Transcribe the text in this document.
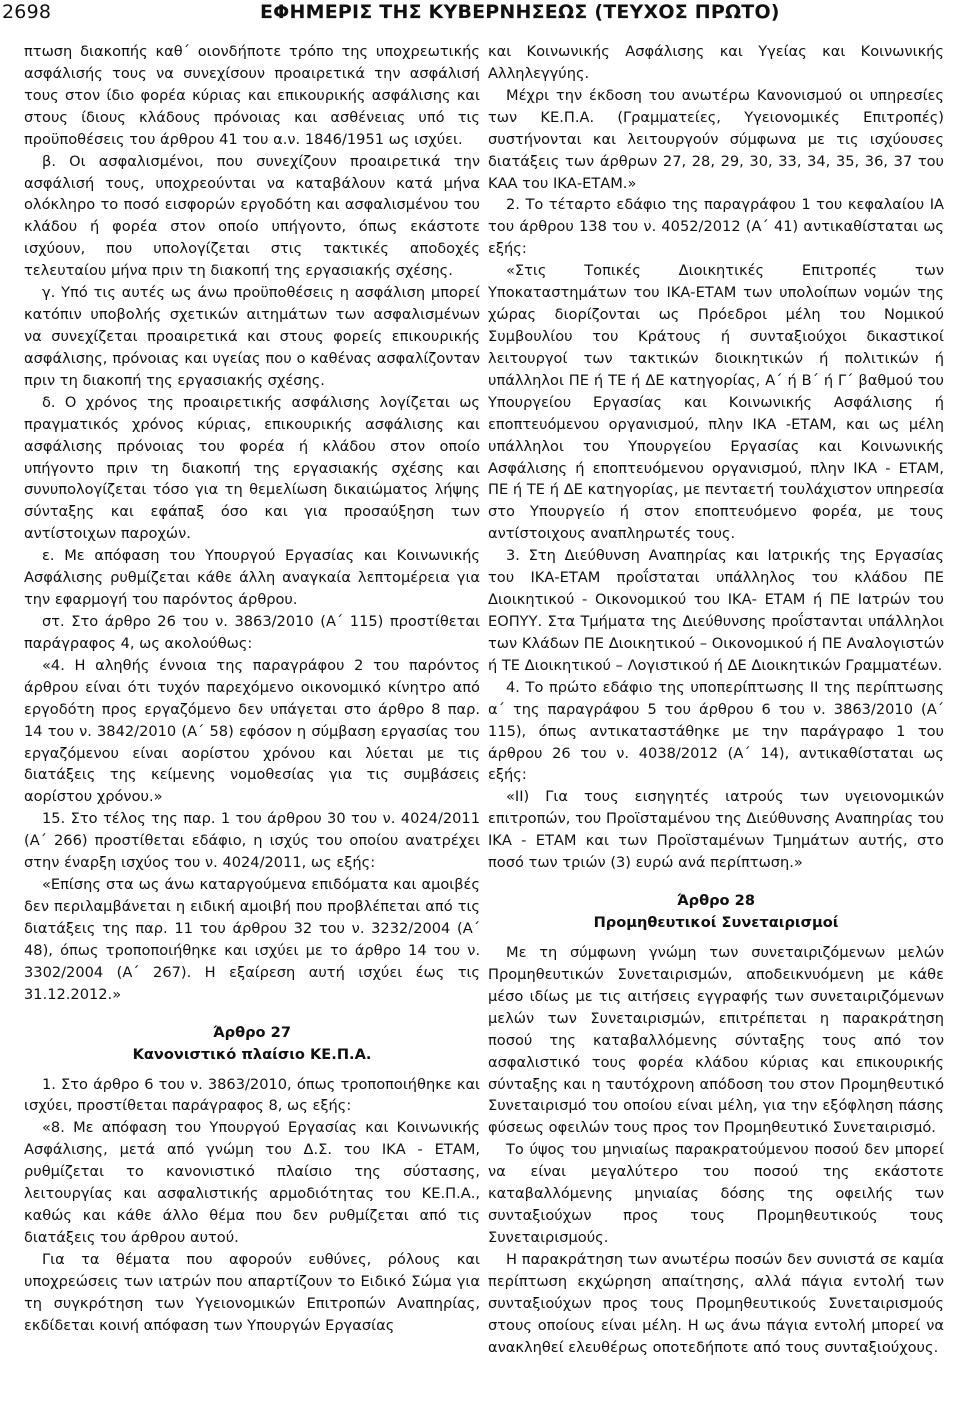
2698	ΕΦΗΜΕΡΙΣ ΤΗΣ ΚΥΒΕΡΝΗΣΕΩΣ (ΤΕΥΧΟΣ ΠΡΩΤΟ)

πτωση διακοπής καθ΄ οιονδήποτε τρόπο της υποχρεωτικής ασφάλισής τους να συνεχίσουν προαιρετικά την ασφάλισή τους στον ίδιο φορέα κύριας και επικουρικής ασφάλισης και στους ίδιους κλάδους πρόνοιας και ασθένειας υπό τις προϋποθέσεις του άρθρου 41 του α.ν. 1846/1951 ως ισχύει.

β. Οι ασφαλισμένοι, που συνεχίζουν προαιρετικά την ασφάλισή τους, υποχρεούνται να καταβάλουν κατά μήνα ολόκληρο το ποσό εισφορών εργοδότη και ασφαλισμένου του κλάδου ή φορέα στον οποίο υπήγοντο, όπως εκάστοτε ισχύουν, που υπολογίζεται στις τακτικές αποδοχές τελευταίου μήνα πριν τη διακοπή της εργασιακής σχέσης.

γ. Υπό τις αυτές ως άνω προϋποθέσεις η ασφάλιση μπορεί κατόπιν υποβολής σχετικών αιτημάτων των ασφαλισμένων να συνεχίζεται προαιρετικά και στους φορείς επικουρικής ασφάλισης, πρόνοιας και υγείας που ο καθένας ασφαλίζονταν πριν τη διακοπή της εργασιακής σχέσης.

δ. Ο χρόνος της προαιρετικής ασφάλισης λογίζεται ως πραγματικός χρόνος κύριας, επικουρικής ασφάλισης και ασφάλισης πρόνοιας του φορέα ή κλάδου στον οποίο υπήγοντο πριν τη διακοπή της εργασιακής σχέσης και συνυπολογίζεται τόσο για τη θεμελίωση δικαιώματος λήψης σύνταξης και εφάπαξ όσο και για προσαύξηση των αντίστοιχων παροχών.

ε. Με απόφαση του Υπουργού Εργασίας και Κοινωνικής Ασφάλισης ρυθμίζεται κάθε άλλη αναγκαία λεπτομέρεια για την εφαρμογή του παρόντος άρθρου.

στ. Στο άρθρο 26 του ν. 3863/2010 (Α΄ 115) προστίθεται παράγραφος 4, ως ακολούθως:

«4. Η αληθής έννοια της παραγράφου 2 του παρόντος άρθρου είναι ότι τυχόν παρεχόμενο οικονομικό κίνητρο από εργοδότη προς εργαζόμενο δεν υπάγεται στο άρθρο 8 παρ. 14 του ν. 3842/2010 (Α΄ 58) εφόσον η σύμβαση εργασίας του εργαζόμενου είναι αορίστου χρόνου και λύεται με τις διατάξεις της κείμενης νομοθεσίας για τις συμβάσεις αορίστου χρόνου.»

15. Στο τέλος της παρ. 1 του άρθρου 30 του ν. 4024/2011 (Α΄ 266) προστίθεται εδάφιο, η ισχύς του οποίου ανατρέχει στην έναρξη ισχύος του ν. 4024/2011, ως εξής:

«Επίσης στα ως άνω καταργούμενα επιδόματα και αμοιβές δεν περιλαμβάνεται η ειδική αμοιβή που προβλέπεται από τις διατάξεις της παρ. 11 του άρθρου 32 του ν. 3232/2004 (Α΄ 48), όπως τροποποιήθηκε και ισχύει με το άρθρο 14 του ν. 3302/2004 (Α΄ 267). Η εξαίρεση αυτή ισχύει έως τις 31.12.2012.»

Άρθρο 27
Κανονιστικό πλαίσιο ΚΕ.Π.Α.

1. Στο άρθρο 6 του ν. 3863/2010, όπως τροποποιήθηκε και ισχύει, προστίθεται παράγραφος 8, ως εξής:

«8. Με απόφαση του Υπουργού Εργασίας και Κοινωνικής Ασφάλισης, μετά από γνώμη του Δ.Σ. του ΙΚΑ - ΕΤΑΜ, ρυθμίζεται το κανονιστικό πλαίσιο της σύστασης, λειτουργίας και ασφαλιστικής αρμοδιότητας του ΚΕ.Π.Α., καθώς και κάθε άλλο θέμα που δεν ρυθμίζεται από τις διατάξεις του άρθρου αυτού.

Για τα θέματα που αφορούν ευθύνες, ρόλους και υποχρεώσεις των ιατρών που απαρτίζουν το Ειδικό Σώμα για τη συγκρότηση των Υγειονομικών Επιτροπών Αναπηρίας, εκδίδεται κοινή απόφαση των Υπουργών Εργασίας

και Κοινωνικής Ασφάλισης και Υγείας και Κοινωνικής Αλληλεγγύης.

Μέχρι την έκδοση του ανωτέρω Κανονισμού οι υπηρεσίες των ΚΕ.Π.Α. (Γραμματείες, Υγειονομικές Επιτροπές) συστήνονται και λειτουργούν σύμφωνα με τις ισχύουσες διατάξεις των άρθρων 27, 28, 29, 30, 33, 34, 35, 36, 37 του ΚΑΑ του ΙΚΑ-ΕΤΑΜ.»

2. Το τέταρτο εδάφιο της παραγράφου 1 του κεφαλαίου ΙΑ του άρθρου 138 του ν. 4052/2012 (Α΄ 41) αντικαθίσταται ως εξής:

«Στις Τοπικές Διοικητικές Επιτροπές των Υποκαταστημάτων του ΙΚΑ-ΕΤΑΜ των υπολοίπων νομών της χώρας διορίζονται ως Πρόεδροι μέλη του Νομικού Συμβουλίου του Κράτους ή συνταξιούχοι δικαστικοί λειτουργοί των τακτικών διοικητικών ή πολιτικών ή υπάλληλοι ΠΕ ή ΤΕ ή ΔΕ κατηγορίας, Α΄ ή Β΄ ή Γ΄ βαθμού του Υπουργείου Εργασίας και Κοινωνικής Ασφάλισης ή εποπτευόμενου οργανισμού, πλην ΙΚΑ -ΕΤΑΜ, και ως μέλη υπάλληλοι του Υπουργείου Εργασίας και Κοινωνικής Ασφάλισης ή εποπτευόμενου οργανισμού, πλην ΙΚΑ - ΕΤΑΜ, ΠΕ ή ΤΕ ή ΔΕ κατηγορίας, με πενταετή τουλάχιστον υπηρεσία στο Υπουργείο ή στον εποπτευόμενο φορέα, με τους αντίστοιχους αναπληρωτές τους.

3. Στη Διεύθυνση Αναπηρίας και Ιατρικής της Εργασίας του ΙΚΑ-ΕΤΑΜ προΐσταται υπάλληλος του κλάδου ΠΕ Διοικητικού - Οικονομικού του ΙΚΑ- ΕΤΑΜ ή ΠΕ Ιατρών του ΕΟΠΥΥ. Στα Τμήματα της Διεύθυνσης προΐστανται υπάλληλοι των Κλάδων ΠΕ Διοικητικού – Οικονομικού ή ΠΕ Αναλογιστών ή ΤΕ Διοικητικού – Λογιστικού ή ΔΕ Διοικητικών Γραμματέων.

4. Το πρώτο εδάφιο της υποπερίπτωσης ΙΙ της περίπτωσης α΄ της παραγράφου 5 του άρθρου 6 του ν. 3863/2010 (Α΄ 115), όπως αντικαταστάθηκε με την παράγραφο 1 του άρθρου 26 του ν. 4038/2012 (Α΄ 14), αντικαθίσταται ως εξής:

«ΙΙ) Για τους εισηγητές ιατρούς των υγειονομικών επιτροπών, του Προϊσταμένου της Διεύθυνσης Αναπηρίας του ΙΚΑ - ΕΤΑΜ και των Προϊσταμένων Τμημάτων αυτής, στο ποσό των τριών (3) ευρώ ανά περίπτωση.»

Άρθρο 28
Προμηθευτικοί Συνεταιρισμοί

Με τη σύμφωνη γνώμη των συνεταιριζόμενων μελών Προμηθευτικών Συνεταιρισμών, αποδεικνυόμενη με κάθε μέσο ιδίως με τις αιτήσεις εγγραφής των συνεταιριζόμενων μελών των Συνεταιρισμών, επιτρέπεται η παρακράτηση ποσού της καταβαλλόμενης σύνταξης τους από τον ασφαλιστικό τους φορέα κλάδου κύριας και επικουρικής σύνταξης και η ταυτόχρονη απόδοση του στον Προμηθευτικό Συνεταιρισμό του οποίου είναι μέλη, για την εξόφληση πάσης φύσεως οφειλών τους προς τον Προμηθευτικό Συνεταιρισμό.

Το ύψος του μηνιαίως παρακρατούμενου ποσού δεν μπορεί να είναι μεγαλύτερο του ποσού της εκάστοτε καταβαλλόμενης μηνιαίας δόσης της οφειλής των συνταξιούχων προς τους Προμηθευτικούς τους Συνεταιρισμούς.

Η παρακράτηση των ανωτέρω ποσών δεν συνιστά σε καμία περίπτωση εκχώρηση απαίτησης, αλλά πάγια εντολή των συνταξιούχων προς τους Προμηθευτικούς Συνεταιρισμούς στους οποίους είναι μέλη. Η ως άνω πάγια εντολή μπορεί να ανακληθεί ελευθέρως οποτεδήποτε από τους συνταξιούχους.
